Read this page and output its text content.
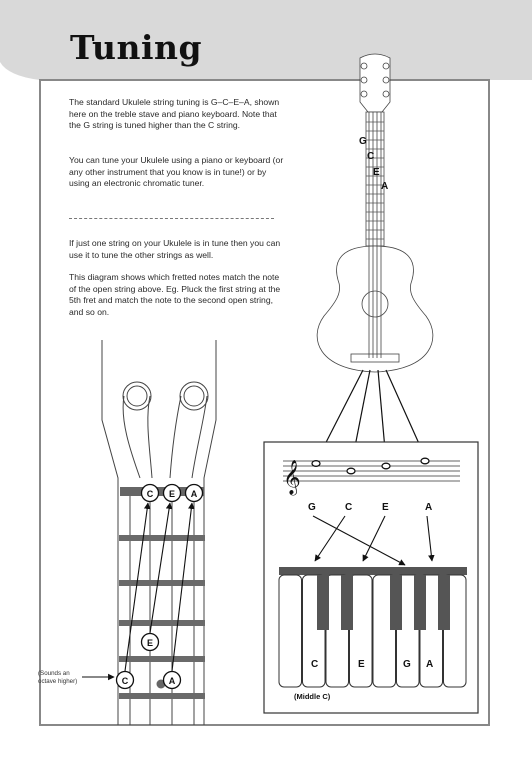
G
C
E
A
𝄞
G	C	E	A
C	E	G A
(Middle C)
C E A
E
C	A
Tuning
The standard Ukulele string tuning is G–C–E–A, shown here on the treble stave and piano keyboard. Note that the G string is tuned higher than the C string.
You can tune your Ukulele using a piano or keyboard (or any other instrument that you know is in tune!) or by using an electronic chromatic tuner.
If just one string on your Ukulele is in tune then you can use it to tune the other strings as well.
This diagram shows which fretted notes match the note of the open string above. Eg. Pluck the first string at the 5th fret and match the note to the second open string, and so on.
(Sounds an octave higher)
